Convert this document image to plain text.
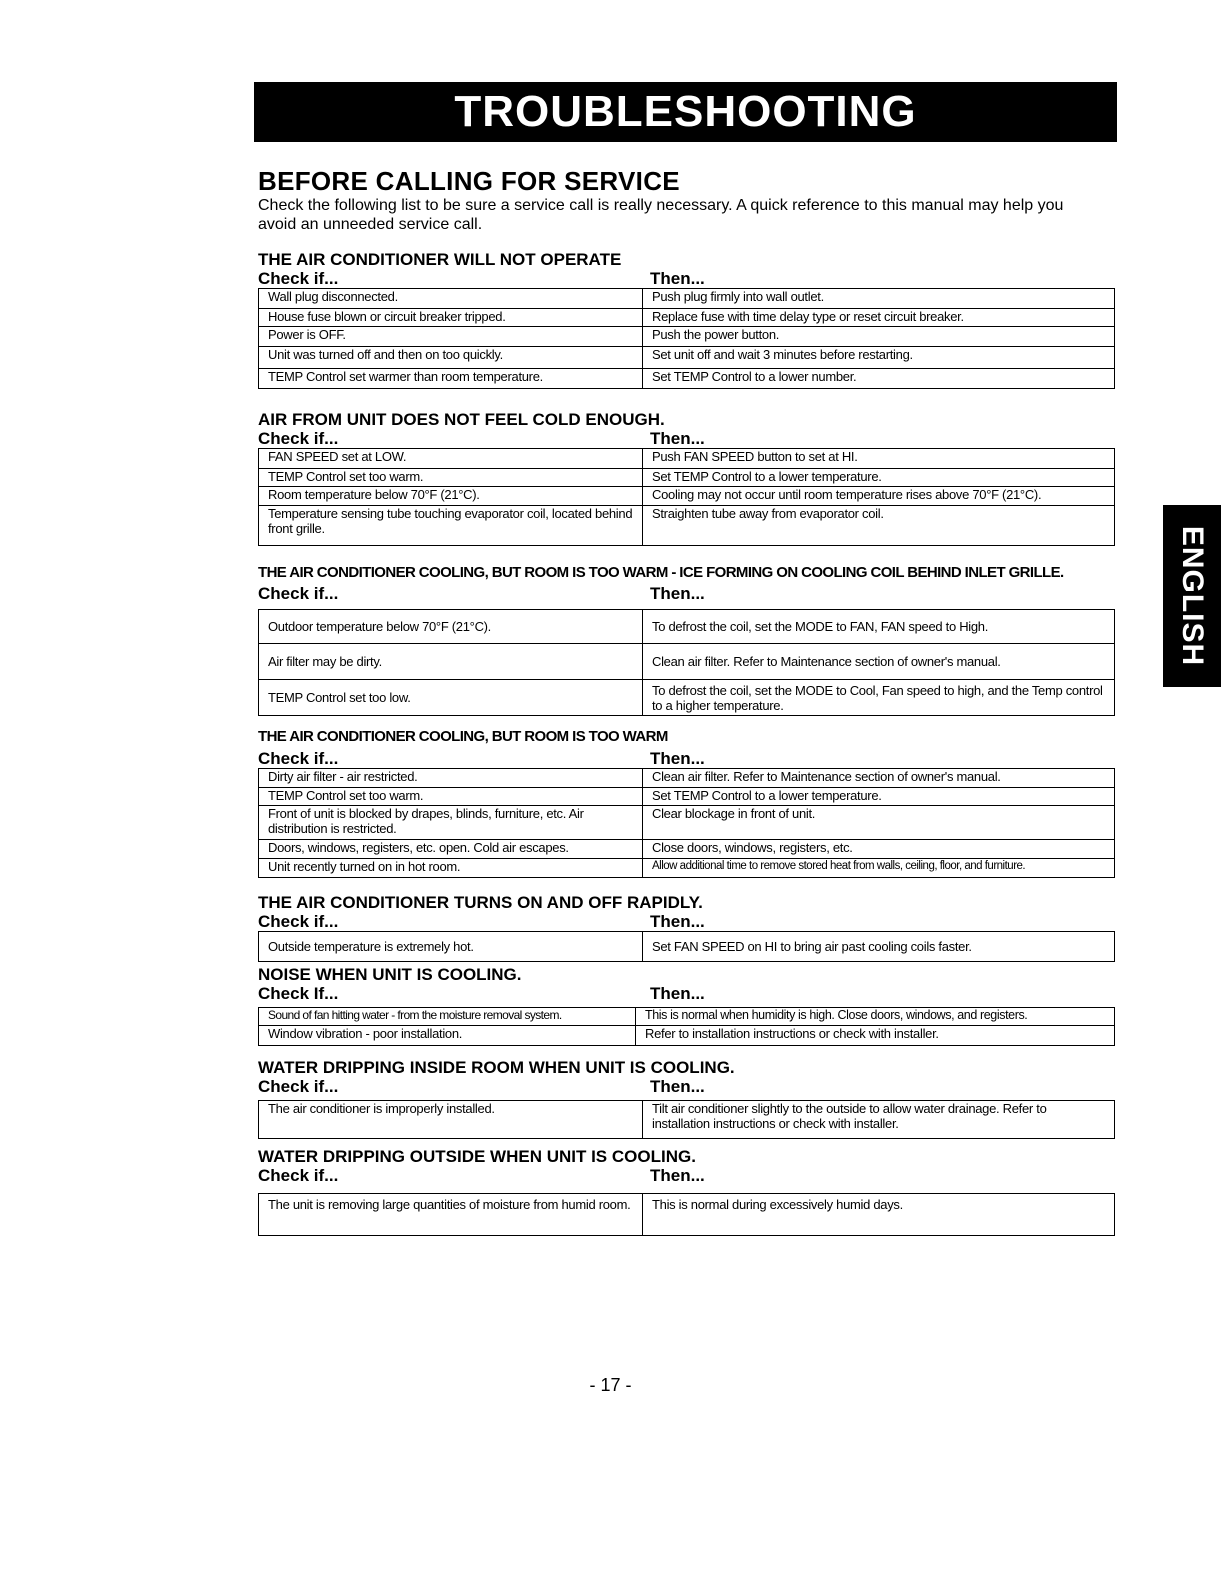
TROUBLESHOOTING
ENGLISH
BEFORE CALLING FOR SERVICE
Check the following list to be sure a service call is really necessary. A quick reference to this manual may help you avoid an unneeded service call.
THE AIR CONDITIONER WILL NOT OPERATE
Check if...	Then...
Wall plug disconnected.	Push plug firmly into wall outlet.
House fuse blown or circuit breaker tripped.	Replace fuse with time delay type or reset circuit breaker.
Power is OFF.	Push the power button.
Unit was turned off and then on too quickly.	Set unit off and wait 3 minutes before restarting.
TEMP Control set warmer than room temperature.	Set TEMP Control to a lower number.
AIR FROM UNIT DOES NOT FEEL COLD ENOUGH.
Check if...	Then...
FAN SPEED set at LOW.	Push FAN SPEED button to set at HI.
TEMP Control set too warm.	Set TEMP Control to a lower temperature.
Room temperature below 70°F (21°C).	Cooling may not occur until room temperature rises above 70°F (21°C).
Temperature sensing tube touching evaporator coil, located behind front grille.	Straighten tube away from evaporator coil.
THE AIR CONDITIONER COOLING, BUT ROOM IS TOO WARM - ICE FORMING ON COOLING COIL BEHIND INLET GRILLE.
Check if...	Then...
Outdoor temperature below 70°F (21°C).	To defrost the coil, set the MODE to FAN, FAN speed to High.
Air filter may be dirty.	Clean air filter. Refer to Maintenance section of owner's manual.
TEMP Control set too low.	To defrost the coil, set the MODE to Cool, Fan speed to high, and the Temp control to a higher temperature.
THE AIR CONDITIONER COOLING, BUT ROOM IS TOO WARM
Check if...	Then...
Dirty air filter - air restricted.	Clean air filter. Refer to Maintenance section of owner's manual.
TEMP Control set too warm.	Set TEMP Control to a lower temperature.
Front of unit is blocked by drapes, blinds, furniture, etc. Air distribution is restricted.	Clear blockage in front of unit.
Doors, windows, registers, etc. open. Cold air escapes.	Close doors, windows, registers, etc.
Unit recently turned on in hot room.	Allow additional time to remove stored heat from walls, ceiling, floor, and furniture.
THE AIR CONDITIONER TURNS ON AND OFF RAPIDLY.
Check if...	Then...
Outside temperature is extremely hot.	Set FAN SPEED on HI to bring air past cooling coils faster.
NOISE WHEN UNIT IS COOLING.
Check If...	Then...
Sound of fan hitting water - from the moisture removal system.	This is normal when humidity is high. Close doors, windows, and registers.
Window vibration - poor installation.	Refer to installation instructions or check with installer.
WATER DRIPPING INSIDE ROOM WHEN UNIT IS COOLING.
Check if...	Then...
The air conditioner is improperly installed.	Tilt air conditioner slightly to the outside to allow water drainage. Refer to installation instructions or check with installer.
WATER DRIPPING OUTSIDE WHEN UNIT IS COOLING.
Check if...	Then...
The unit is removing large quantities of moisture from humid room.	This is normal during excessively humid days.
- 17 -
